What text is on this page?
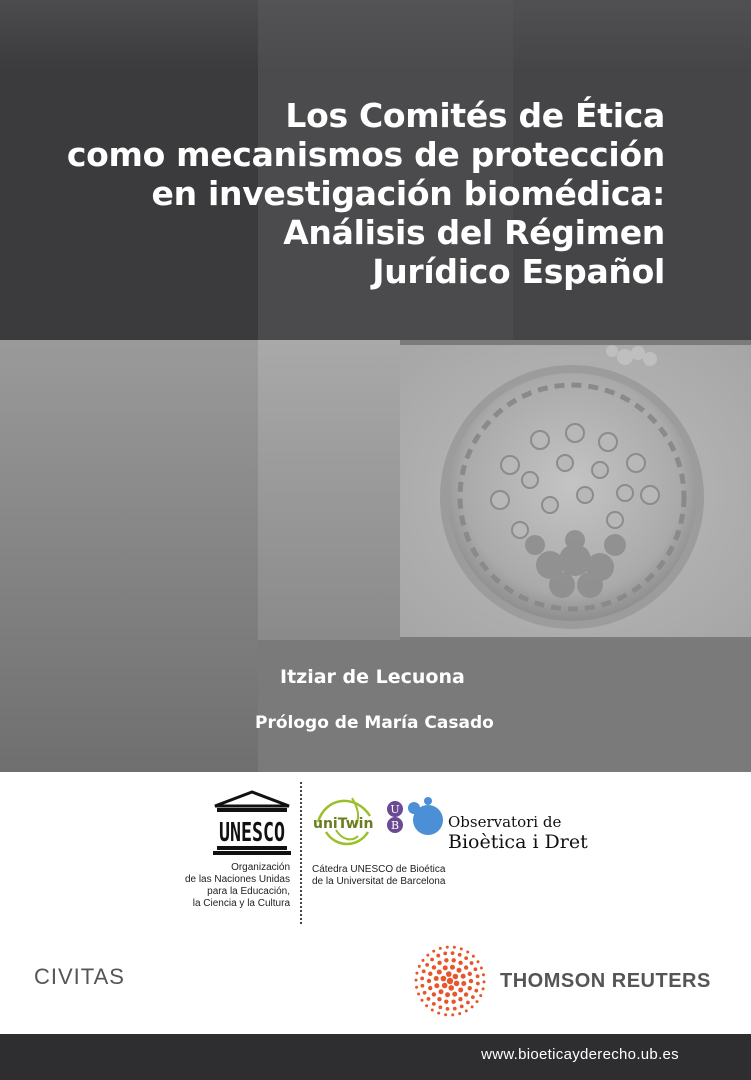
Los Comités de Ética
como mecanismos de protección
en investigación biomédica:
Análisis del Régimen
Jurídico Español

Itziar de Lecuona

Prólogo de María Casado

UNESCO
Organización
de las Naciones Unidas
para la Educación,
la Ciencia y la Cultura
uniTwin
U
B	Observatori de
Bioètica i Dret
Cátedra UNESCO de Bioética
de la Universitat de Barcelona
CIVITAS	THOMSON REUTERS
www.bioeticayderecho.ub.es
